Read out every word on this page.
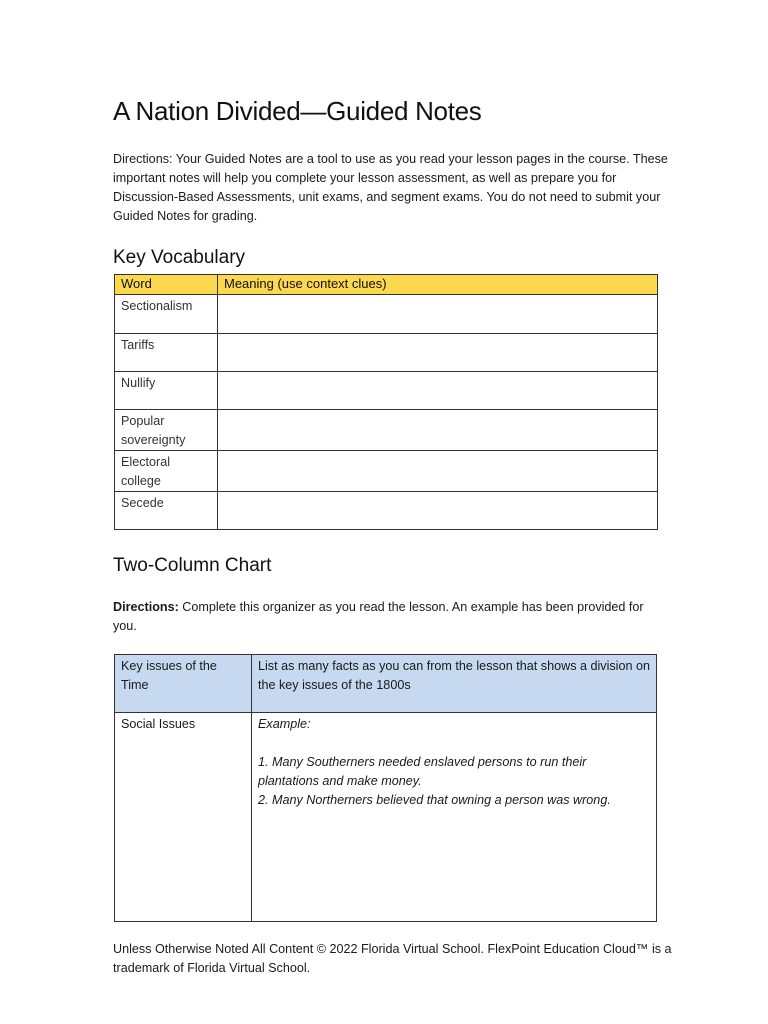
A Nation Divided—Guided Notes

Directions: Your Guided Notes are a tool to use as you read your lesson pages in the course. These important notes will help you complete your lesson assessment, as well as prepare you for Discussion-Based Assessments, unit exams, and segment exams. You do not need to submit your Guided Notes for grading.

Key Vocabulary
Word	Meaning (use context clues)
Sectionalism	
Tariffs	
Nullify	
Popular sovereignty	
Electoral college	
Secede	
Two-Column Chart

Directions: Complete this organizer as you read the lesson. An example has been provided for you.

Key issues of the Time	List as many facts as you can from the lesson that shows a division on the key issues of the 1800s
Social Issues	Example:
1. Many Southerners needed enslaved persons to run their plantations and make money.
2. Many Northerners believed that owning a person was wrong.

Unless Otherwise Noted All Content © 2022 Florida Virtual School. FlexPoint Education Cloud™ is a trademark of Florida Virtual School.
